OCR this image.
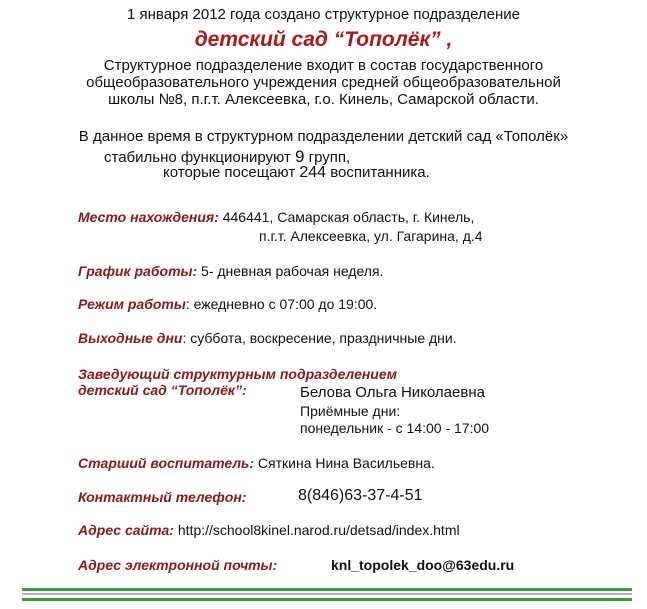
1 января 2012 года создано структурное подразделение
детский сад “Тополёк” ,
Структурное подразделение входит в состав государственного
общеобразовательного учреждения средней общеобразовательной
школы №8, п.г.т. Алексеевка, г.о. Кинель, Самарской области.
В данное время в структурном подразделении детский сад «Тополёк»
стабильно функционируют 9 групп,
которые посещают 244 воспитанника.
Место нахождения: 446441, Самарская область, г. Кинель,
п.г.т. Алексеевка, ул. Гагарина, д.4
График работы: 5- дневная рабочая неделя.
Режим работы: ежедневно с 07:00 до 19:00.
Выходные дни: суббота, воскресение, праздничные дни.
Заведующий структурным подразделением
детский сад “Тополёк”:	Белова Ольга Николаевна
Приёмные дни:
понедельник - с 14:00 - 17:00
Старший воспитатель: Сяткина Нина Васильевна.
Контактный телефон:	8(846)63-37-4-51
Адрес сайта: http://school8kinel.narod.ru/detsad/index.html
Адрес электронной почты:	knl_topolek_doo@63edu.ru
